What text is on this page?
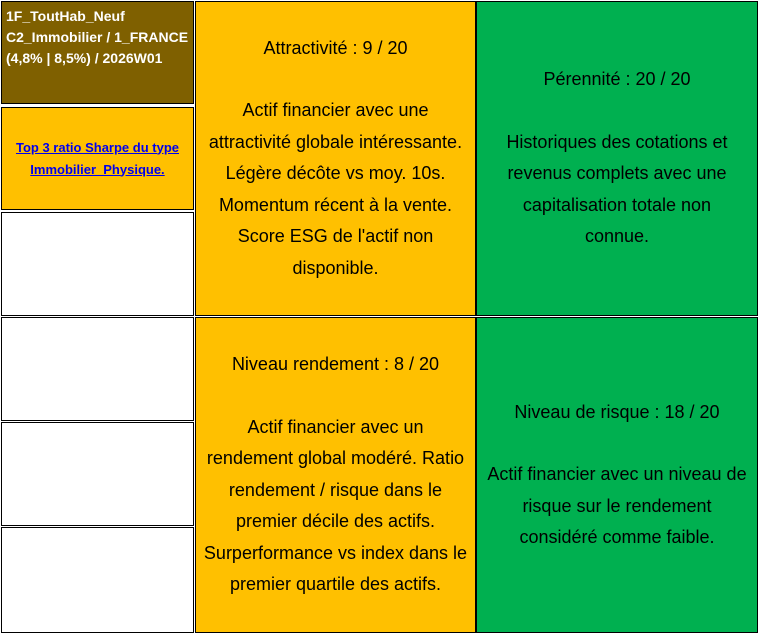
1F_ToutHab_Neuf
C2_Immobilier / 1_FRANCE
(4,8% | 8,5%) / 2026W01
Top 3 ratio Sharpe du type
Immobilier_Physique.
Attractivité : 9 / 20
Actif financier avec une
attractivité globale intéressante.
Légère décôte vs moy. 10s.
Momentum récent à la vente.
Score ESG de l'actif non
disponible.
Pérennité : 20 / 20
Historiques des cotations et
revenus complets avec une
capitalisation totale non
connue.
Niveau rendement : 8 / 20
Actif financier avec un
rendement global modéré. Ratio
rendement / risque dans le
premier décile des actifs.
Surperformance vs index dans le
premier quartile des actifs.
Niveau de risque : 18 / 20
Actif financier avec un niveau de
risque sur le rendement
considéré comme faible.
